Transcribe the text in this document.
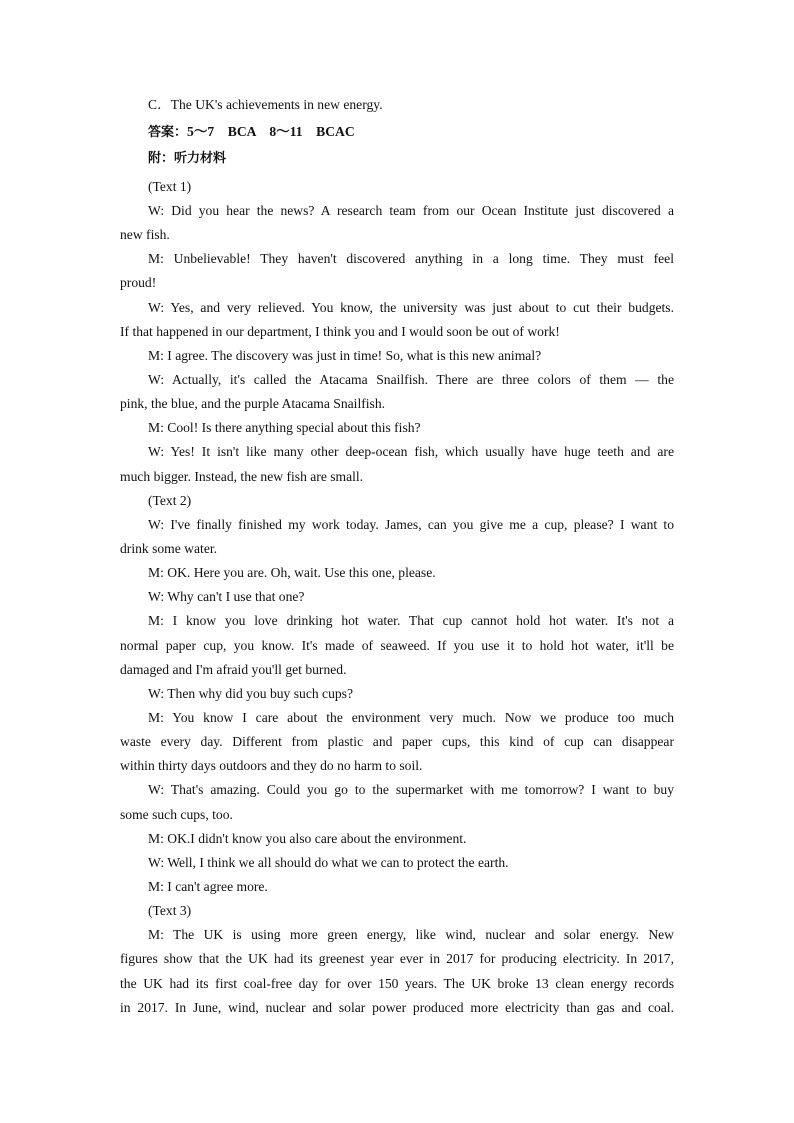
C．The UK's achievements in new energy.
答案：5～7　BCA　8～11　BCAC
附：听力材料
(Text 1)
W: Did you hear the news? A research team from our Ocean Institute just discovered a
new fish.
M: Unbelievable! They haven't discovered anything in a long time. They must feel
proud!
W: Yes, and very relieved. You know, the university was just about to cut their budgets.
If that happened in our department, I think you and I would soon be out of work!
M: I agree. The discovery was just in time! So, what is this new animal?
W: Actually, it's called the Atacama Snailfish. There are three colors of them — the
pink, the blue, and the purple Atacama Snailfish.
M: Cool! Is there anything special about this fish?
W: Yes! It isn't like many other deep-ocean fish, which usually have huge teeth and are
much bigger. Instead, the new fish are small.
(Text 2)
W: I've finally finished my work today. James, can you give me a cup, please? I want to
drink some water.
M: OK. Here you are. Oh, wait. Use this one, please.
W: Why can't I use that one?
M: I know you love drinking hot water. That cup cannot hold hot water. It's not a
normal paper cup, you know. It's made of seaweed. If you use it to hold hot water, it'll be
damaged and I'm afraid you'll get burned.
W: Then why did you buy such cups?
M: You know I care about the environment very much. Now we produce too much
waste every day. Different from plastic and paper cups, this kind of cup can disappear
within thirty days outdoors and they do no harm to soil.
W: That's amazing. Could you go to the supermarket with me tomorrow? I want to buy
some such cups, too.
M: OK.I didn't know you also care about the environment.
W: Well, I think we all should do what we can to protect the earth.
M: I can't agree more.
(Text 3)
M: The UK is using more green energy, like wind, nuclear and solar energy. New
figures show that the UK had its greenest year ever in 2017 for producing electricity. In 2017,
the UK had its first coal-free day for over 150 years. The UK broke 13 clean energy records
in 2017. In June, wind, nuclear and solar power produced more electricity than gas and coal.
